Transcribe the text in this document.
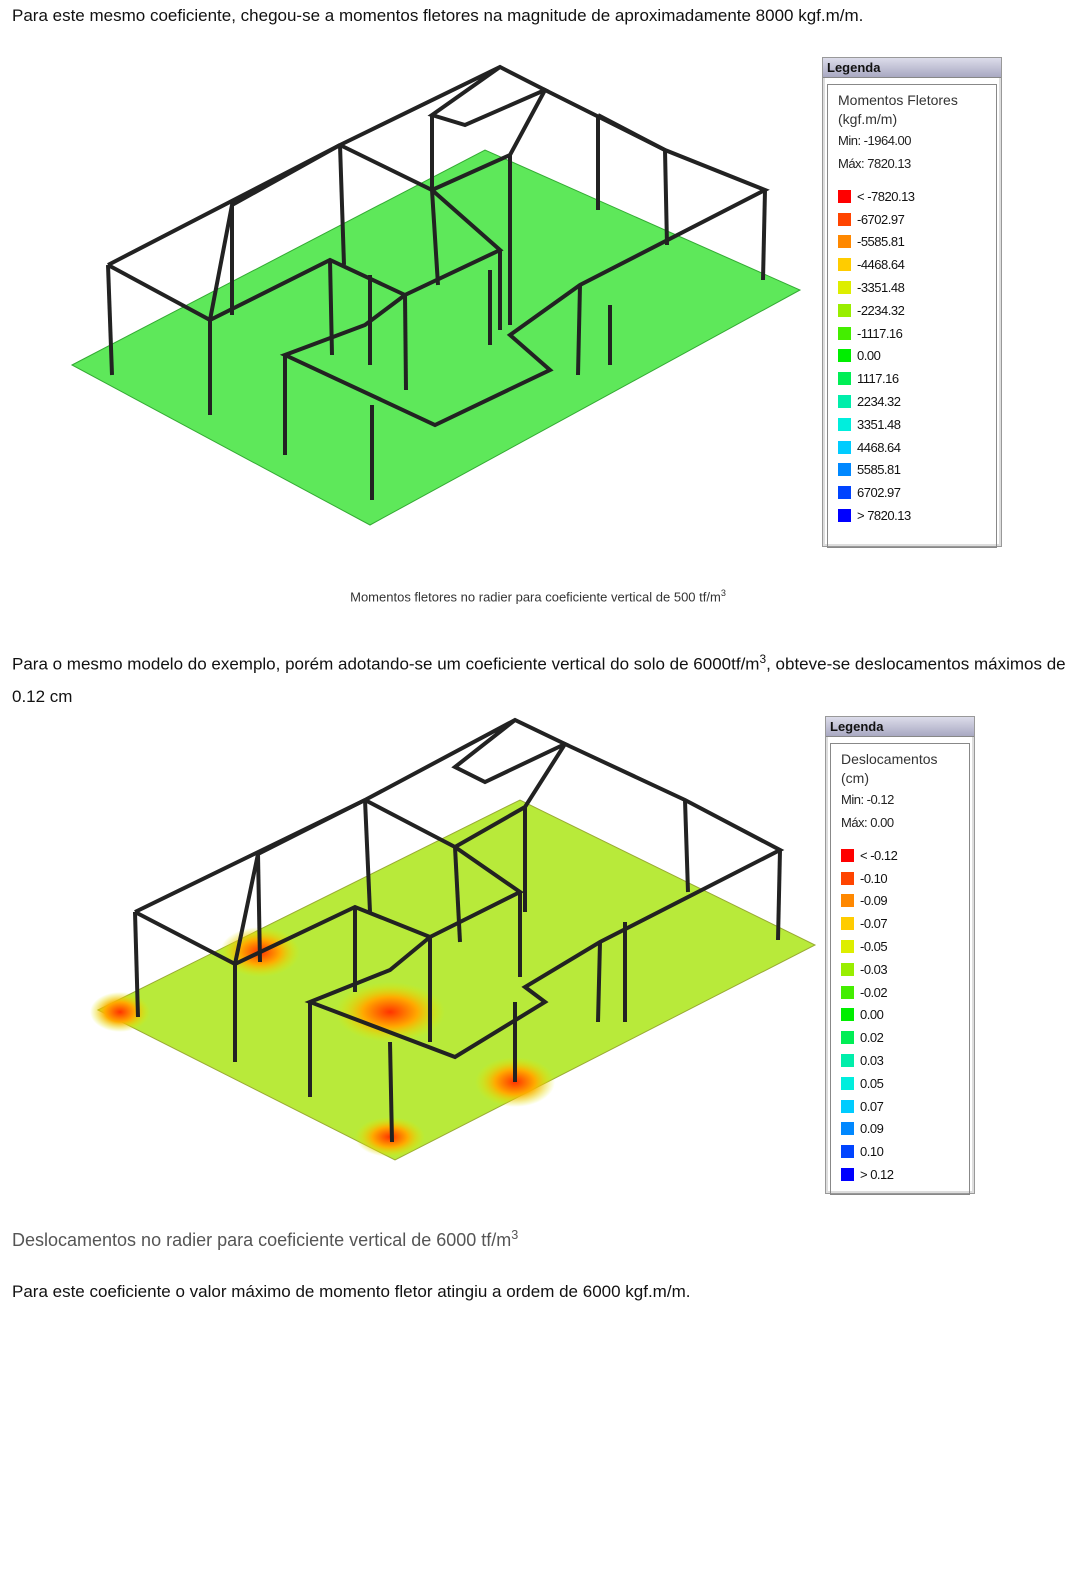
Para este mesmo coeficiente, chegou-se a momentos fletores na magnitude de aproximadamente 8000 kgf.m/m.

Legenda
Momentos Fletores
(kgf.m/m)
Min: -1964.00
Máx: 7820.13
< -7820.13
-6702.97
-5585.81
-4468.64
-3351.48
-2234.32
-1117.16
0.00
1117.16
2234.32
3351.48
4468.64
5585.81
6702.97
> 7820.13
Momentos fletores no radier para coeficiente vertical de 500 $tf/m^3$

Para o mesmo modelo do exemplo, porém adotando-se um coeficiente vertical do solo de $6000tf/m^3$, obteve-se deslocamentos máximos de 0.12 cm

Legenda
Deslocamentos
(cm)
Min: -0.12
Máx: 0.00
< -0.12
-0.10
-0.09
-0.07
-0.05
-0.03
-0.02
0.00
0.02
0.03
0.05
0.07
0.09
0.10
> 0.12
Deslocamentos no radier para coeficiente vertical de 6000 $tf/m^3$

Para este coeficiente o valor máximo de momento fletor atingiu a ordem de 6000 kgf.m/m.
